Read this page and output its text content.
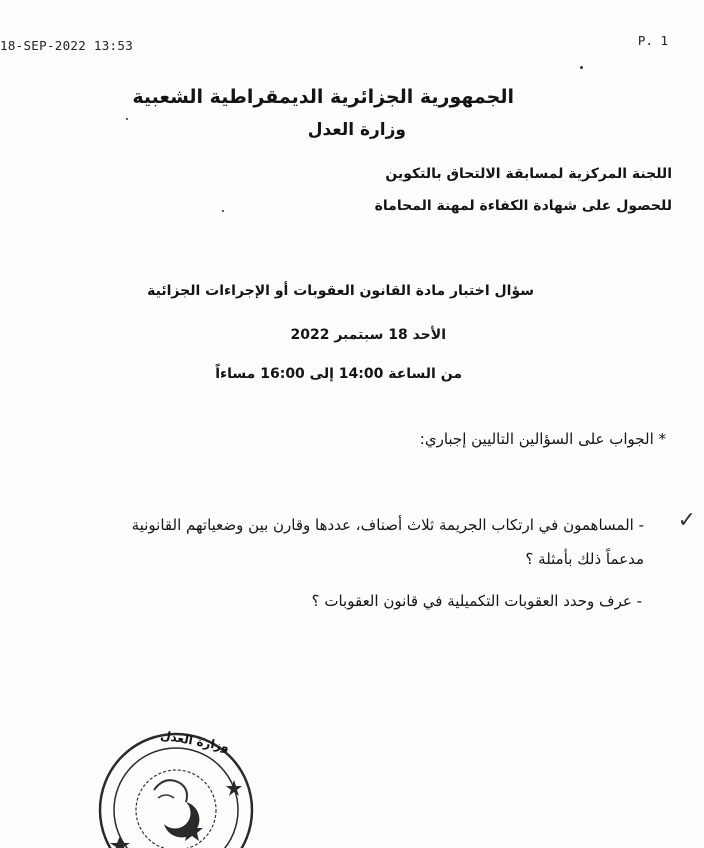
18-SEP-2022 13:53	P. 1
الجمهورية الجزائرية الديمقراطية الشعبية
وزارة العدل
اللجنة المركزية لمسابقة الالتحاق بالتكوين
للحصول على شهادة الكفاءة لمهنة المحاماة
سؤال اختبار مادة القانون العقوبات أو الإجراءات الجزائية
الأحد 18 سبتمبر 2022
من الساعة 14:00 إلى 16:00 مساءاً
* الجواب على السؤالين التاليين إجباري:
✓
- المساهمون في ارتكاب الجريمة ثلاث أصناف، عددها وقارن بين وضعياتهم القانونية
مدعماً ذلك بأمثلة ؟
- عرف وحدد العقوبات التكميلية في قانون العقوبات ؟
وزارة العدل
